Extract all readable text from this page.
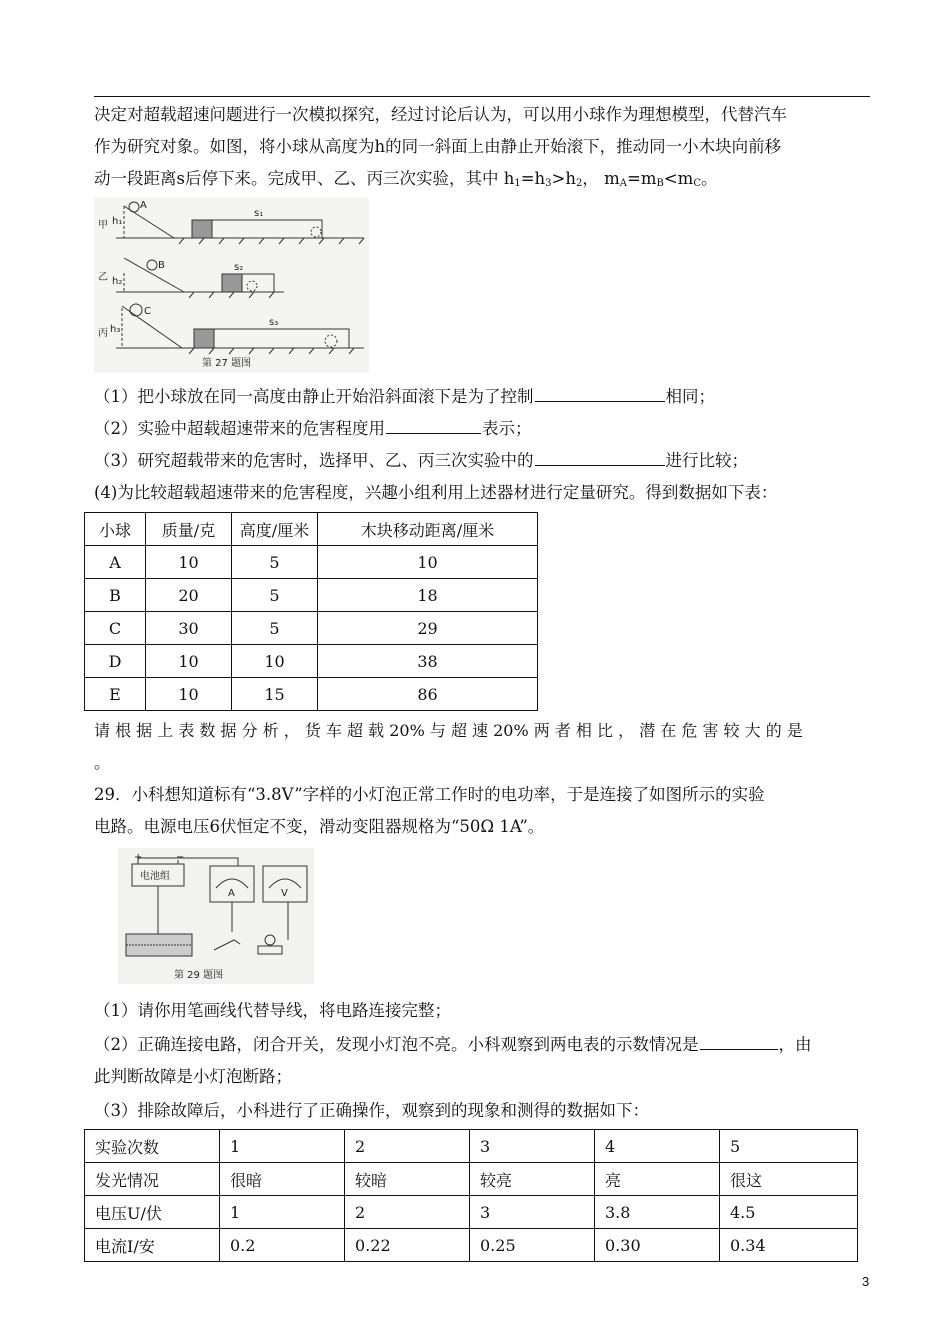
决定对超载超速问题进行一次模拟探究，经过讨论后认为，可以用小球作为理想模型，代替汽车
作为研究对象。如图，将小球从高度为h的同一斜面上由静止开始滚下，推动同一小木块向前移
动一段距离s后停下来。完成甲、乙、丙三次实验，其中 $h_1=h_3>h_2$， $m_A=m_B<m_C$。
甲
乙
丙
A
B
C
h₁
h₂
h₃
s₁
s₂
s₃
第 27 题图
（1）把小球放在同一高度由静止开始沿斜面滚下是为了控制	相同；
（2）实验中超载超速带来的危害程度用	表示；
（3）研究超载带来的危害时，选择甲、乙、丙三次实验中的	进行比较；
(4)为比较超载超速带来的危害程度，兴趣小组利用上述器材进行定量研究。得到数据如下表：
小球	质量/克	高度/厘米	木块移动距离/厘米
A	10	5	10
B	20	5	18
C	30	5	29
D	10	10	38
E	10	15	86
请 根 据 上 表 数 据 分 析 ， 货 车 超 载 20% 与 超 速 20% 两 者 相 比 ， 潜 在 危 害 较 大 的 是
。
29．小科想知道标有“3.8V”字样的小灯泡正常工作时的电功率，于是连接了如图所示的实验
电路。电源电压6伏恒定不变，滑动变阻器规格为“50Ω 1A”。
电池组
+	−
A	V
第 29 题图
（1）请你用笔画线代替导线，将电路连接完整；
（2）正确连接电路，闭合开关，发现小灯泡不亮。小科观察到两电表的示数情况是	，由
此判断故障是小灯泡断路；
（3）排除故障后，小科进行了正确操作，观察到的现象和测得的数据如下：
实验次数	1	2	3	4	5
发光情况	很暗	较暗	较亮	亮	很这
电压U/伏	1	2	3	3.8	4.5
电流I/安	0.2	0.22	0.25	0.30	0.34
3
